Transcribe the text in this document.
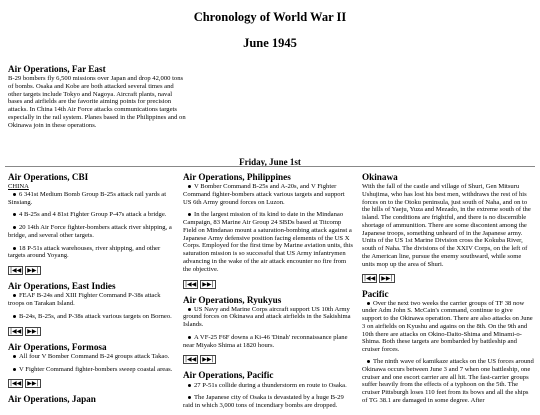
Chronology of World War II
June 1945
Air Operations, Far East
B-29 bombers fly 6,500 missions over Japan and drop 42,000 tons of bombs. Osaka and Kobe are both attacked several times and other targets include Tokyo and Nagoya. Aircraft plants, naval bases and airfields are the favorite aiming points for precision attacks. In China 14th Air Force attacks communications targets especially in the rail system. Planes based in the Philippines and on Okinawa join in these operations.
Friday, June 1st
Air Operations, CBI
CHINA
6 341st Medium Bomb Group B-25s attack rail yards at Sinsiang.
4 B-25s and 4 81st Fighter Group P-47s attack a bridge.
20 14th Air Force fighter-bombers attack river shipping, a bridge, and several other targets.
18 P-51s attack warehouses, river shipping, and other targets around Yoyang.
|◀◀	▶▶|
Air Operations, East Indies
FEAF B-24s and XIII Fighter Command P-38s attack troops on Tarakan Island.
B-24s, B-25s, and P-38s attack various targets on Borneo.
|◀◀	▶▶|
Air Operations, Formosa
All four V Bomber Command B-24 groups attack Takao.
V Fighter Command fighter-bombers sweep coastal areas.
|◀◀	▶▶|
Air Operations, Japan
Air Operations, Philippines
V Bomber Command B-25s and A-20s, and V Fighter Command fighter-bombers attack various targets and support US 6th Army ground forces on Luzon.
In the largest mission of its kind to date in the Mindanao Campaign, 83 Marine Air Group 24 SBDs based at Titcomp Field on Mindanao mount a saturation-bombing attack against a Japanese Army defensive position facing elements of the US X Corps. Employed for the first time by Marine aviation units, this saturation mission is so successful that US Army infantrymen advancing in the wake of the air attack encounter no fire from the objective.
|◀◀	▶▶|
Air Operations, Ryukyus
US Navy and Marine Corps aircraft support US 10th Army ground forces on Okinawa and attack airfields in the Sakishima Islands.
A VF-25 F6F downs a Ki-46 'Dinah' reconnaissance plane near Miyako Shima at 1820 hours.
|◀◀	▶▶|
Air Operations, Pacific
27 P-51s collide during a thunderstorm en route to Osaka.
The Japanese city of Osaka is devastated by a huge B-29 raid in which 3,000 tons of incendiary bombs are dropped.
Okinawa
With the fall of the castle and village of Shuri, Gen Mitsuru Ushujima, who has lost his best men, withdraws the rest of his forces on to the Otoku peninsula, just south of Naha, and on to the hills of Yaeju, Yuza and Mezado, in the extreme south of the island. The conditions are frightful, and there is no discernible shortage of ammunition. There are some discontent among the Japanese troops, something unheard of in the Japanese army. Units of the US 1st Marine Division cross the Kokuba River, south of Naha. The divisions of the XXIV Corps, on the left of the American line, pursue the enemy southward, while some units mop up the area of Shuri.
|◀◀	▶▶|
Pacific
Over the next two weeks the carrier groups of TF 38 now under Adm John S. McCain's command, continue to give support to the Okinawa operation. There are also attacks on June 3 on airfields on Kyushu and agains on the 8th. On the 9th and 10th there are attacks on Okino-Daito-Shima and Minami-o-Shima. Both these targets are bombarded by battleship and cruiser forces.
The ninth wave of kamikaze attacks on the US forces around Okinawa occurs between June 3 and 7 when one battleship, one cruiser and one escort carrier are all hit. The fast-carrier groups suffer heavily from the effects of a typhoon on the 5th. The cruiser Pittsburgh loses 110 feet from its bows and all the ships of TG 38.1 are damaged in some degree. After
